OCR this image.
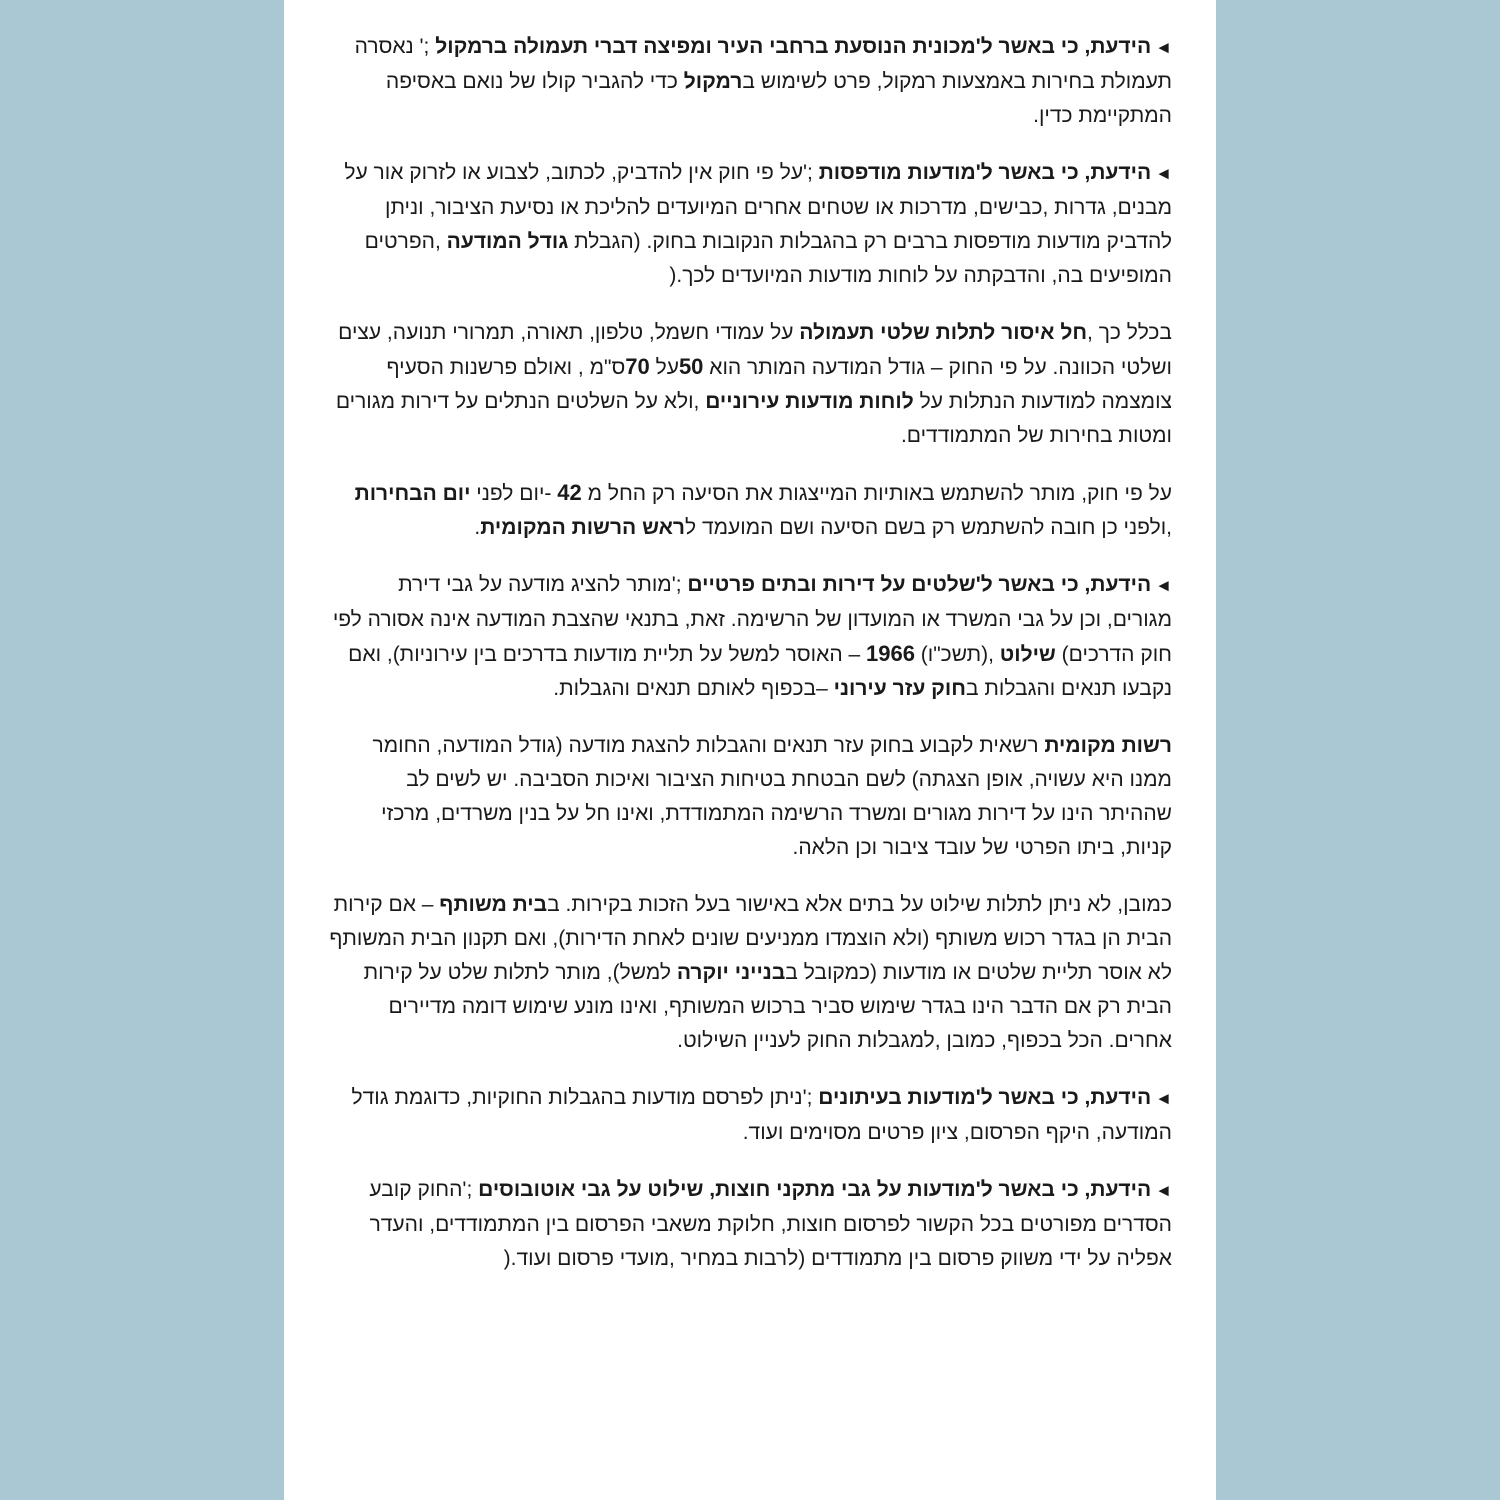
◄הידעת, כי באשר ל'מכונית הנוסעת ברחבי העיר ומפיצה דברי תעמולה ברמקול ;' נאסרה תעמולת בחירות באמצעות רמקול, פרט לשימוש ברמקול כדי להגביר קולו של נואם באסיפה המתקיימת כדין.

◄הידעת, כי באשר ל'מודעות מודפסות ;'על פי חוק אין להדביק, לכתוב, לצבוע או לזרוק אור על מבנים, גדרות ,כבישים, מדרכות או שטחים אחרים המיועדים להליכת או נסיעת הציבור, וניתן להדביק מודעות מודפסות ברבים רק בהגבלות הנקובות בחוק. (הגבלת גודל המודעה ,הפרטים המופיעים בה, והדבקתה על לוחות מודעות המיועדים לכך.(

בכלל כך ,חל איסור לתלות שלטי תעמולה על עמודי חשמל, טלפון, תאורה, תמרורי תנועה, עצים ושלטי הכוונה. על פי החוק – גודל המודעה המותר הוא 50על 70ס"מ , ואולם פרשנות הסעיף צומצמה למודעות הנתלות על לוחות מודעות עירוניים ,ולא על השלטים הנתלים על דירות מגורים ומטות בחירות של המתמודדים.

על פי חוק, מותר להשתמש באותיות המייצגות את הסיעה רק החל מ 42 -יום לפני יום הבחירות ,ולפני כן חובה להשתמש רק בשם הסיעה ושם המועמד לראש הרשות המקומית.

◄הידעת, כי באשר ל'שלטים על דירות ובתים פרטיים ;'מותר להציג מודעה על גבי דירת מגורים, וכן על גבי המשרד או המועדון של הרשימה. זאת, בתנאי שהצבת המודעה אינה אסורה לפי חוק הדרכים) שילוט ,(תשכ"ו) 1966 – האוסר למשל על תליית מודעות בדרכים בין עירוניות), ואם נקבעו תנאים והגבלות בחוק עזר עירוני –בכפוף לאותם תנאים והגבלות.

רשות מקומית רשאית לקבוע בחוק עזר תנאים והגבלות להצגת מודעה (גודל המודעה, החומר ממנו היא עשויה, אופן הצגתה) לשם הבטחת בטיחות הציבור ואיכות הסביבה. יש לשים לב שההיתר הינו על דירות מגורים ומשרד הרשימה המתמודדת, ואינו חל על בנין משרדים, מרכזי קניות, ביתו הפרטי של עובד ציבור וכן הלאה.

כמובן, לא ניתן לתלות שילוט על בתים אלא באישור בעל הזכות בקירות. בבית משותף – אם קירות הבית הן בגדר רכוש משותף (ולא הוצמדו ממניעים שונים לאחת הדירות), ואם תקנון הבית המשותף לא אוסר תליית שלטים או מודעות (כמקובל בבנייני יוקרה למשל), מותר לתלות שלט על קירות הבית רק אם הדבר הינו בגדר שימוש סביר ברכוש המשותף, ואינו מונע שימוש דומה מדיירים אחרים. הכל בכפוף, כמובן ,למגבלות החוק לעניין השילוט.

◄הידעת, כי באשר ל'מודעות בעיתונים ;'ניתן לפרסם מודעות בהגבלות החוקיות, כדוגמת גודל המודעה, היקף הפרסום, ציון פרטים מסוימים ועוד.

◄הידעת, כי באשר ל'מודעות על גבי מתקני חוצות, שילוט על גבי אוטובוסים ;'החוק קובע הסדרים מפורטים בכל הקשור לפרסום חוצות, חלוקת משאבי הפרסום בין המתמודדים, והעדר אפליה על ידי משווק פרסום בין מתמודדים (לרבות במחיר ,מועדי פרסום ועוד.(
